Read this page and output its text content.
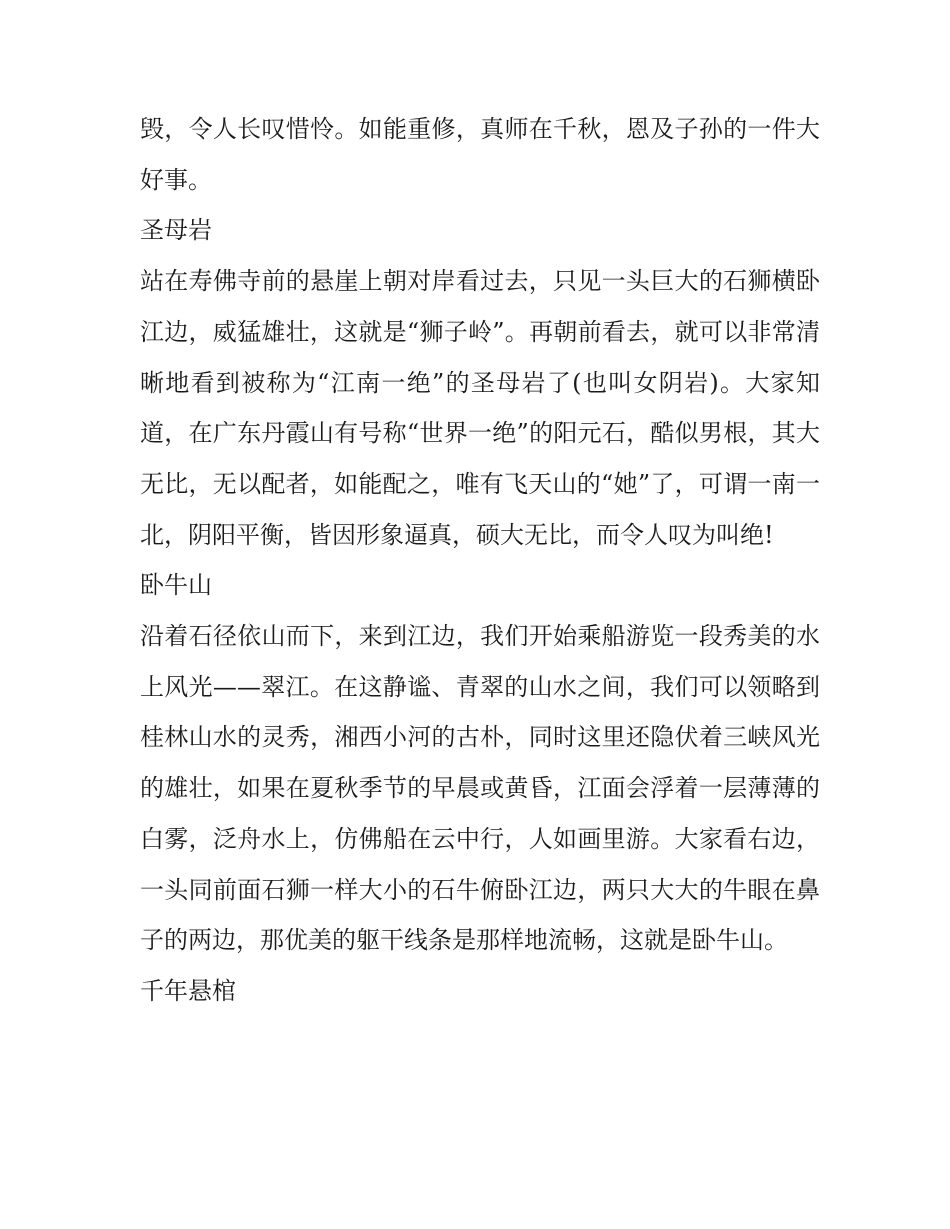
毁，令人长叹惜怜。如能重修，真师在千秋，恩及子孙的一件大好事。

圣母岩

站在寿佛寺前的悬崖上朝对岸看过去，只见一头巨大的石狮横卧江边，威猛雄壮，这就是“狮子岭”。再朝前看去，就可以非常清晰地看到被称为“江南一绝”的圣母岩了(也叫女阴岩)。大家知道，在广东丹霞山有号称“世界一绝”的阳元石，酷似男根，其大无比，无以配者，如能配之，唯有飞天山的“她”了，可谓一南一北，阴阳平衡，皆因形象逼真，硕大无比，而令人叹为叫绝!

卧牛山

沿着石径依山而下，来到江边，我们开始乘船游览一段秀美的水上风光——翠江。在这静谧、青翠的山水之间，我们可以领略到桂林山水的灵秀，湘西小河的古朴，同时这里还隐伏着三峡风光的雄壮，如果在夏秋季节的早晨或黄昏，江面会浮着一层薄薄的白雾，泛舟水上，仿佛船在云中行，人如画里游。大家看右边，一头同前面石狮一样大小的石牛俯卧江边，两只大大的牛眼在鼻子的两边，那优美的躯干线条是那样地流畅，这就是卧牛山。

千年悬棺
